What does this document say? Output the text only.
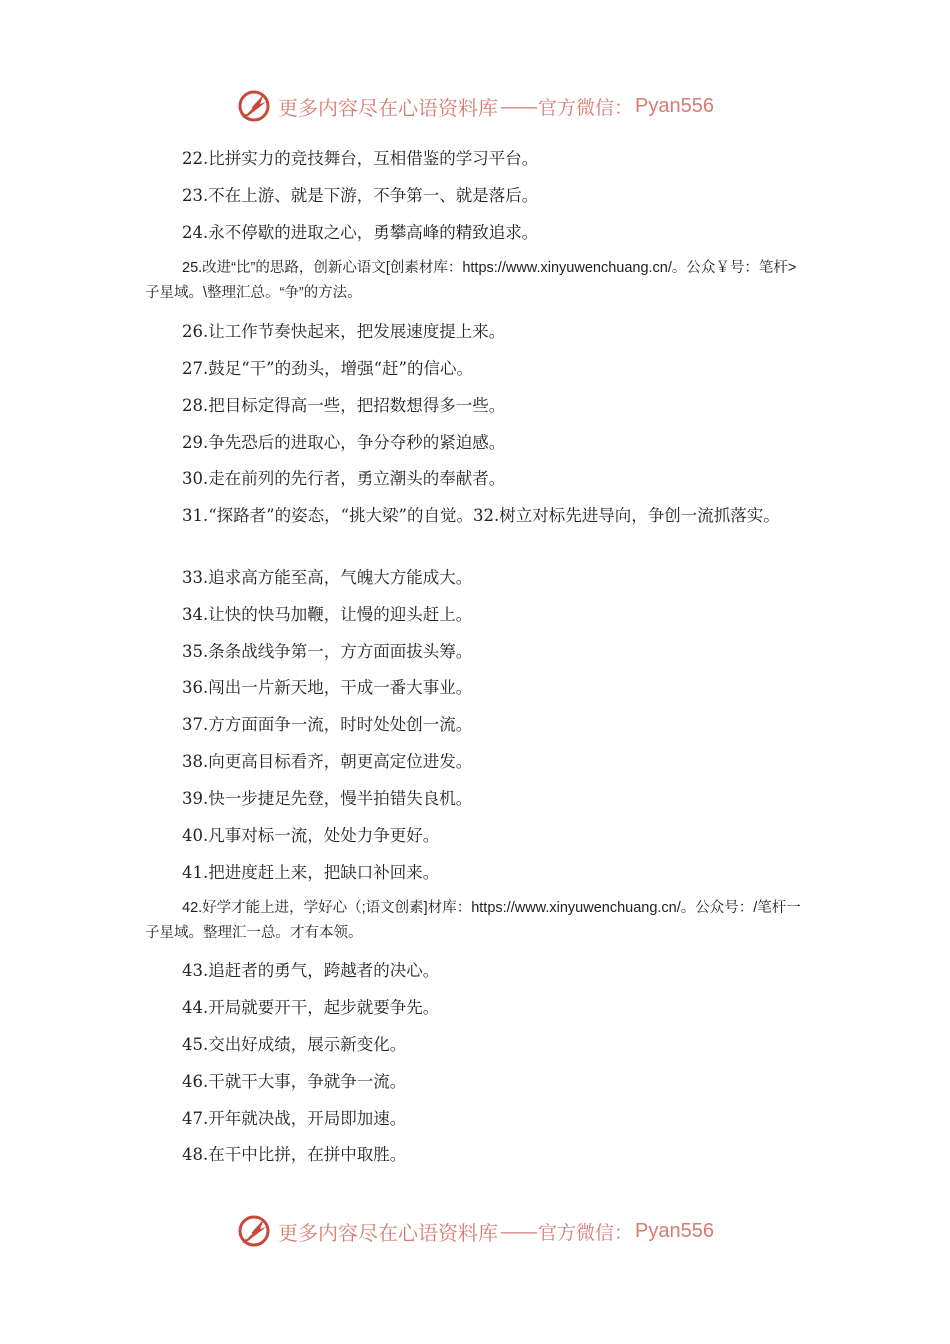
更多内容尽在心语资料库 —— 官方微信： Pyan556
22.比拼实力的竞技舞台，互相借鉴的学习平台。
23.不在上游、就是下游，不争第一、就是落后。
24.永不停歇的进取之心，勇攀高峰的精致追求。
25.改进“比”的思路，创新心语文[创素材库：https://www.xinyuwenchuang.cn/。公众￥号：笔杆>子星域。\整理汇总。“争”的方法。
26.让工作节奏快起来，把发展速度提上来。
27.鼓足“干”的劲头，增强“赶”的信心。
28.把目标定得高一些，把招数想得多一些。
29.争先恐后的进取心，争分夺秒的紧迫感。
30.走在前列的先行者，勇立潮头的奉献者。
31.“探路者”的姿态，“挑大梁”的自觉。32.树立对标先进导向，争创一流抓落实。
33.追求高方能至高，气魄大方能成大。
34.让快的快马加鞭，让慢的迎头赶上。
35.条条战线争第一，方方面面拔头筹。
36.闯出一片新天地，干成一番大事业。
37.方方面面争一流，时时处处创一流。
38.向更高目标看齐，朝更高定位进发。
39.快一步捷足先登，慢半拍错失良机。
40.凡事对标一流，处处力争更好。
41.把进度赶上来，把缺口补回来。
42.好学才能上进，学好心（;语文创素]材库：https://www.xinyuwenchuang.cn/。公众号：/笔杆一子星域。整理汇一总。才有本领。
43.追赶者的勇气，跨越者的决心。
44.开局就要开干，起步就要争先。
45.交出好成绩，展示新变化。
46.干就干大事，争就争一流。
47.开年就决战，开局即加速。
48.在干中比拼，在拼中取胜。
更多内容尽在心语资料库 —— 官方微信： Pyan556
